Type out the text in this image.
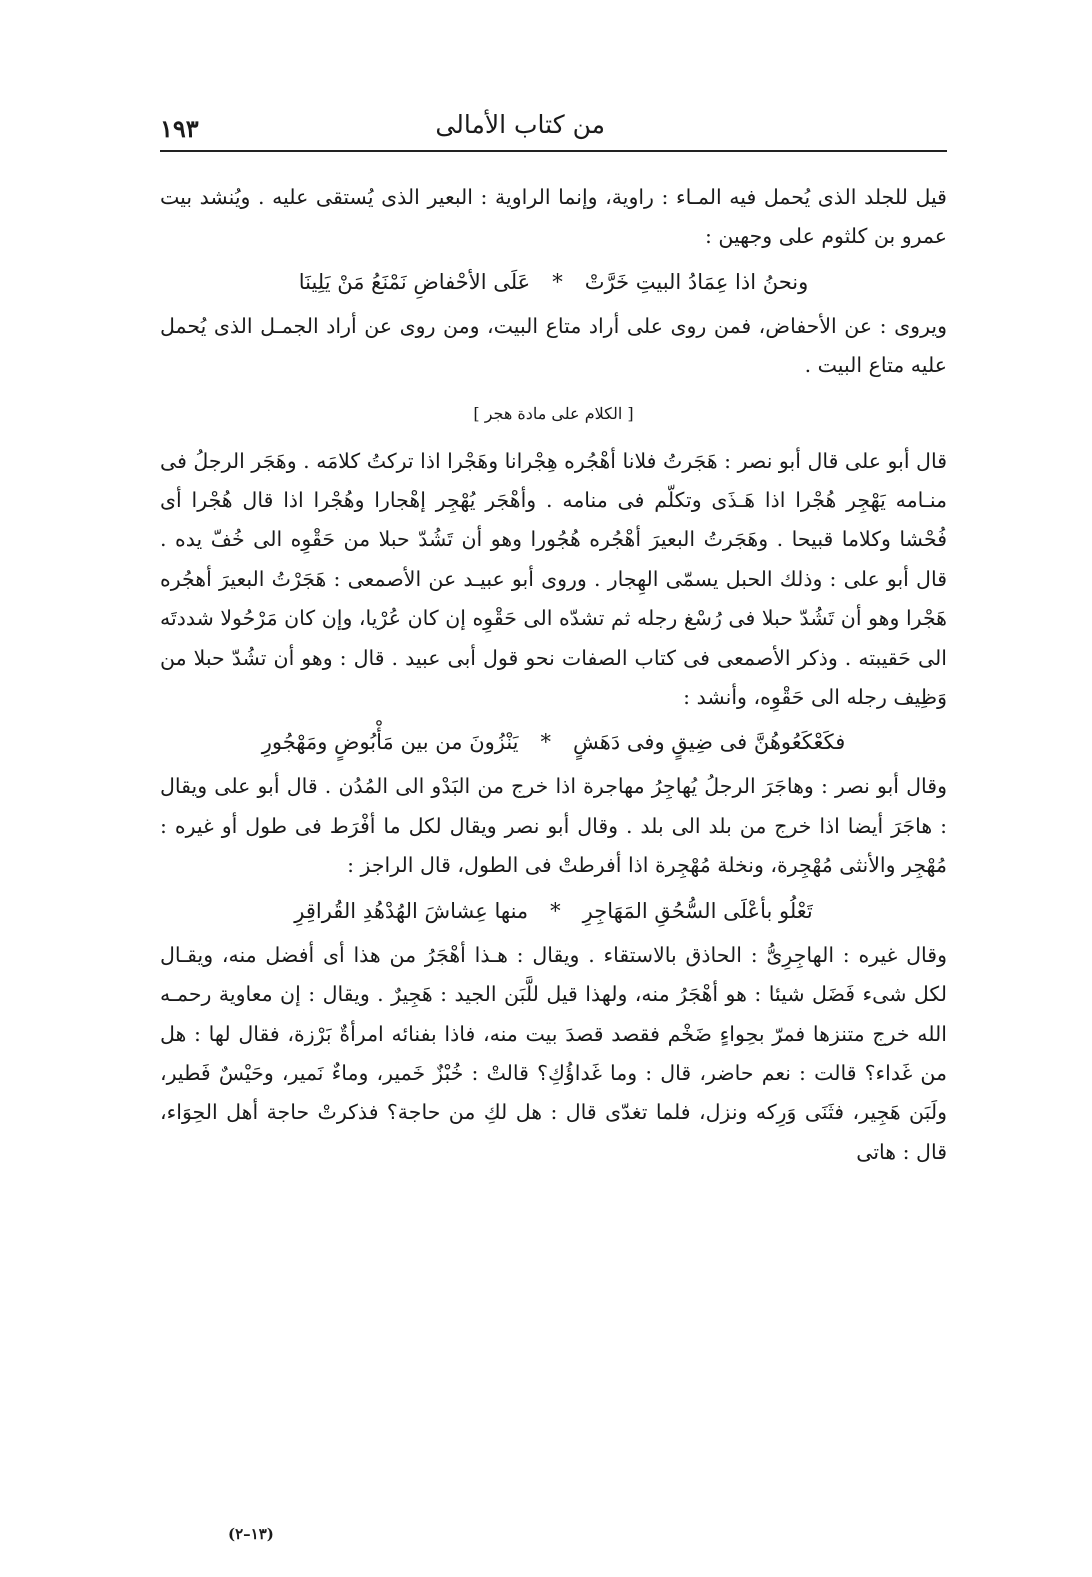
من كتاب الأمالى
١٩٣

قيل للجلد الذى يُحمل فيه المـاء : راوية، وإنما الراوية : البعير الذى يُستقى عليه . ويُنشد بيت عمرو بن كلثوم على وجهين :

ونحنُ اذا عِمَادُ البيتِ خَرَّتْ*عَلَى الأحْفاضِ نَمْنَعُ مَنْ يَلِينَا

ويروى : عن الأحفاض، فمن روى على أراد متاع البيت، ومن روى عن أراد الجمـل الذى يُحمل عليه متاع البيت .

[ الكلام على مادة هجر ]

قال أبو على قال أبو نصر : هَجَرتُ فلانا أهْجُره هِجْرانا وهَجْرا اذا تركتُ كلامَه . وهَجَر الرجلُ فى منـامه يَهْجِر هُجْرا اذا هَـذَى وتكلّم فى منامه . وأهْجَر يُهْجِر إهْجارا وهُجْرا اذا قال هُجْرا أى فُحْشا وكلاما قبيحا . وهَجَرتُ البعيرَ أهْجُره هُجُورا وهو أن تَشُدّ حبلا من حَقْوِه الى خُفّ يده . قال أبو على : وذلك الحبل يسمّى الهِجار . وروى أبو عبيـد عن الأصمعى : هَجَرْتُ البعيرَ أهجُره هَجْرا وهو أن تَشُدّ حبلا فى رُسْغ رجله ثم تشدّه الى حَقْوِه إن كان عُرْيا، وإن كان مَرْحُولا شددتَه الى حَقيبته . وذكر الأصمعى فى كتاب الصفات نحو قول أبى عبيد . قال : وهو أن تشُدّ حبلا من وَظِيف رجله الى حَقْوِه، وأنشد :

فكَعْكَعُوهُنَّ فى ضِيقٍ وفى دَهَشٍ*يَنْزُونَ من بين مَأْبُوضٍ ومَهْجُورِ

وقال أبو نصر : وهاجَرَ الرجلُ يُهاجِرُ مهاجرة اذا خرج من البَدْو الى المُدُن . قال أبو على ويقال : هاجَرَ أيضا اذا خرج من بلد الى بلد . وقال أبو نصر ويقال لكل ما أفْرَط فى طول أو غيره : مُهْجِر والأنثى مُهْجِرة، ونخلة مُهْجِرة اذا أفرطتْ فى الطول، قال الراجز :

تَعْلُو بأعْلَى السُّحُقِ المَهَاجِرِ*منها عِشاشَ الهُدْهُدِ القُراقِرِ

وقال غيره : الهاجِرِىُّ : الحاذق بالاستقاء . ويقال : هـذا أهْجَرُ من هذا أى أفضل منه، ويقـال لكل شىء فَضَل شيئا : هو أهْجَرُ منه، ولهذا قيل للَّبَن الجيد : هَجِيرٌ . ويقال : إن معاوية رحمـه الله خرج متنزها فمرّ بحِواءٍ ضَخْم فقصد قصدَ بيت منه، فاذا بفنائه امرأةٌ بَرْزة، فقال لها : هل من غَداء؟ قالت : نعم حاضر، قال : وما غَداؤُكِ؟ قالتْ : خُبْزٌ خَمير، وماءٌ نَمير، وحَيْسٌ فَطير، ولَبَن هَجِير، فثَنَى وَرِكه ونزل، فلما تغدّى قال : هل لكِ من حاجة؟ فذكرتْ حاجة أهل الحِوَاء، قال : هاتى

(١٣–٢)
